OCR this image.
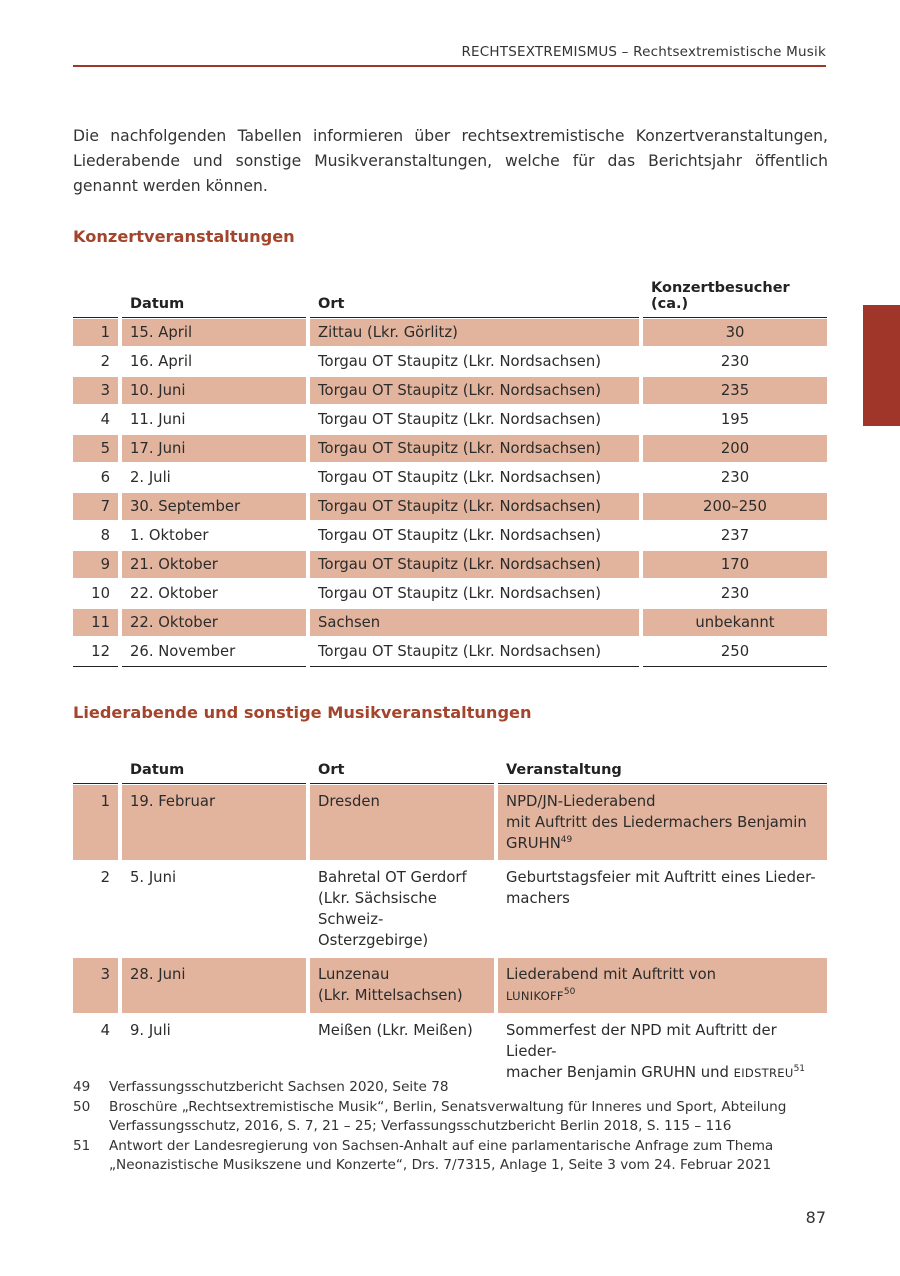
RECHTSEXTREMISMUS – Rechtsextremistische Musik

Die nachfolgenden Tabellen informieren über rechtsextremistische Konzertveranstaltungen, Liederabende und sonstige Musikveranstaltungen, welche für das Berichtsjahr öffentlich genannt werden können.

Konzertveranstaltungen
	Datum	Ort	Konzertbesucher (ca.)
1	15. April	Zittau (Lkr. Görlitz)	30
2	16. April	Torgau OT Staupitz (Lkr. Nordsachsen)	230
3	10. Juni	Torgau OT Staupitz (Lkr. Nordsachsen)	235
4	11. Juni	Torgau OT Staupitz (Lkr. Nordsachsen)	195
5	17. Juni	Torgau OT Staupitz (Lkr. Nordsachsen)	200
6	2. Juli	Torgau OT Staupitz (Lkr. Nordsachsen)	230
7	30. September	Torgau OT Staupitz (Lkr. Nordsachsen)	200–250
8	1. Oktober	Torgau OT Staupitz (Lkr. Nordsachsen)	237
9	21. Oktober	Torgau OT Staupitz (Lkr. Nordsachsen)	170
10	22. Oktober	Torgau OT Staupitz (Lkr. Nordsachsen)	230
11	22. Oktober	Sachsen	unbekannt
12	26. November	Torgau OT Staupitz (Lkr. Nordsachsen)	250
Liederabende und sonstige Musikveranstaltungen
	Datum	Ort	Veranstaltung
1	19. Februar	Dresden	NPD/JN-Liederabend
mit Auftritt des Liedermachers Benjamin
GRUHN$^{49}$
2	5. Juni	Bahretal OT Gerdorf
(Lkr. Sächsische
Schweiz-Osterzgebirge)	Geburtstagsfeier mit Auftritt eines Lieder-
machers
3	28. Juni	Lunzenau
(Lkr. Mittelsachsen)	Liederabend mit Auftritt von
LUNIKOFF$^{50}$
4	9. Juli	Meißen (Lkr. Meißen)	Sommerfest der NPD mit Auftritt der Lieder-
macher Benjamin GRUHN und EIDSTREU$^{51}$
49	Verfassungsschutzbericht Sachsen 2020, Seite 78
50	Broschüre „Rechtsextremistische Musik“, Berlin, Senatsverwaltung für Inneres und Sport, Abteilung Verfassungsschutz, 2016, S. 7, 21 – 25; Verfassungsschutzbericht Berlin 2018, S. 115 – 116
51	Antwort der Landesregierung von Sachsen-Anhalt auf eine parlamentarische Anfrage zum Thema „Neonazistische Musikszene und Konzerte“, Drs. 7/7315, Anlage 1, Seite 3 vom 24. Februar 2021
87
